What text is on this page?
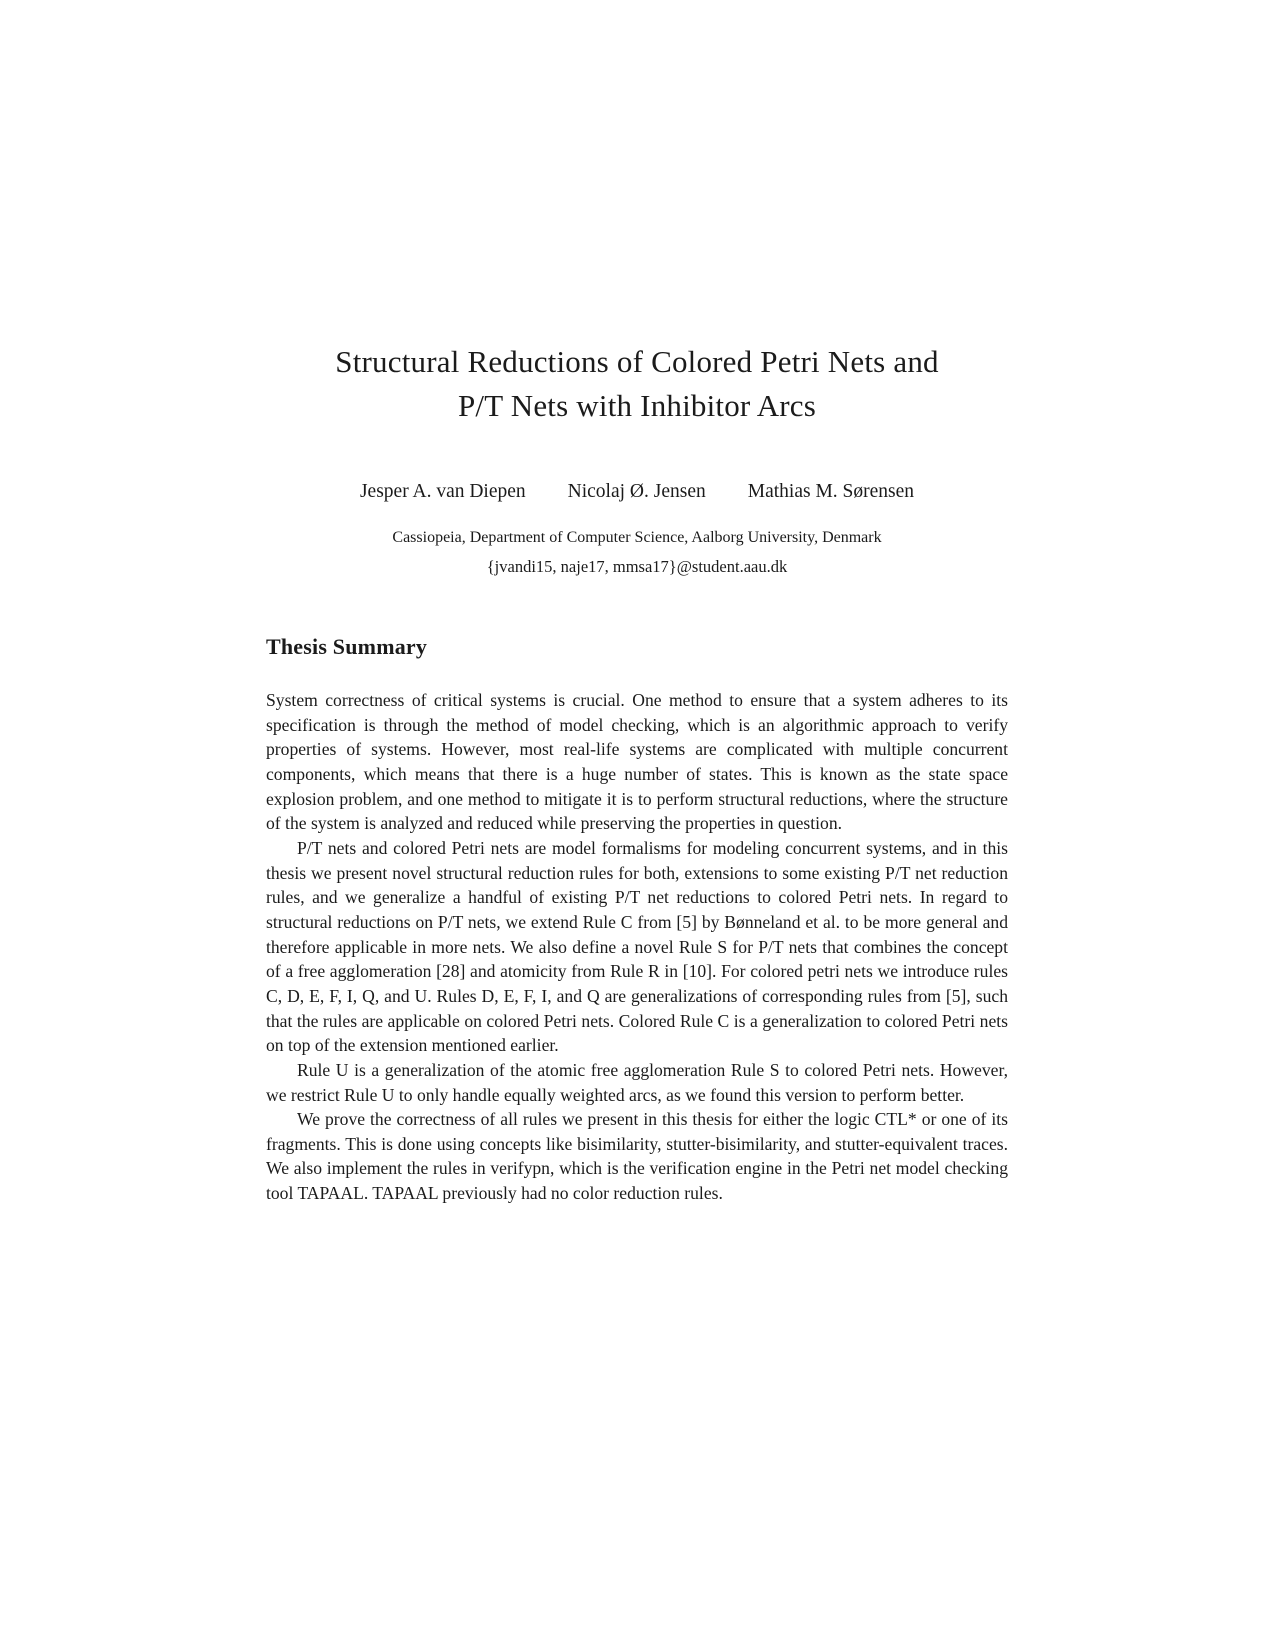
Structural Reductions of Colored Petri Nets and
P/T Nets with Inhibitor Arcs
Jesper A. van Diepen Nicolaj Ø. Jensen Mathias M. Sørensen
Cassiopeia, Department of Computer Science, Aalborg University, Denmark
{jvandi15, naje17, mmsa17}@student.aau.dk
Thesis Summary

System correctness of critical systems is crucial. One method to ensure that a system adheres to its specification is through the method of model checking, which is an algorithmic approach to verify properties of systems. However, most real-life systems are complicated with multiple concurrent components, which means that there is a huge number of states. This is known as the state space explosion problem, and one method to mitigate it is to perform structural reductions, where the structure of the system is analyzed and reduced while preserving the properties in question.

P/T nets and colored Petri nets are model formalisms for modeling concurrent systems, and in this thesis we present novel structural reduction rules for both, extensions to some existing P/T net reduction rules, and we generalize a handful of existing P/T net reductions to colored Petri nets. In regard to structural reductions on P/T nets, we extend Rule C from [5] by Bønneland et al. to be more general and therefore applicable in more nets. We also define a novel Rule S for P/T nets that combines the concept of a free agglomeration [28] and atomicity from Rule R in [10]. For colored petri nets we introduce rules C, D, E, F, I, Q, and U. Rules D, E, F, I, and Q are generalizations of corresponding rules from [5], such that the rules are applicable on colored Petri nets. Colored Rule C is a generalization to colored Petri nets on top of the extension mentioned earlier.

Rule U is a generalization of the atomic free agglomeration Rule S to colored Petri nets. However, we restrict Rule U to only handle equally weighted arcs, as we found this version to perform better.

We prove the correctness of all rules we present in this thesis for either the logic CTL* or one of its fragments. This is done using concepts like bisimilarity, stutter-bisimilarity, and stutter-equivalent traces. We also implement the rules in verifypn, which is the verification engine in the Petri net model checking tool TAPAAL. TAPAAL previously had no color reduction rules.
